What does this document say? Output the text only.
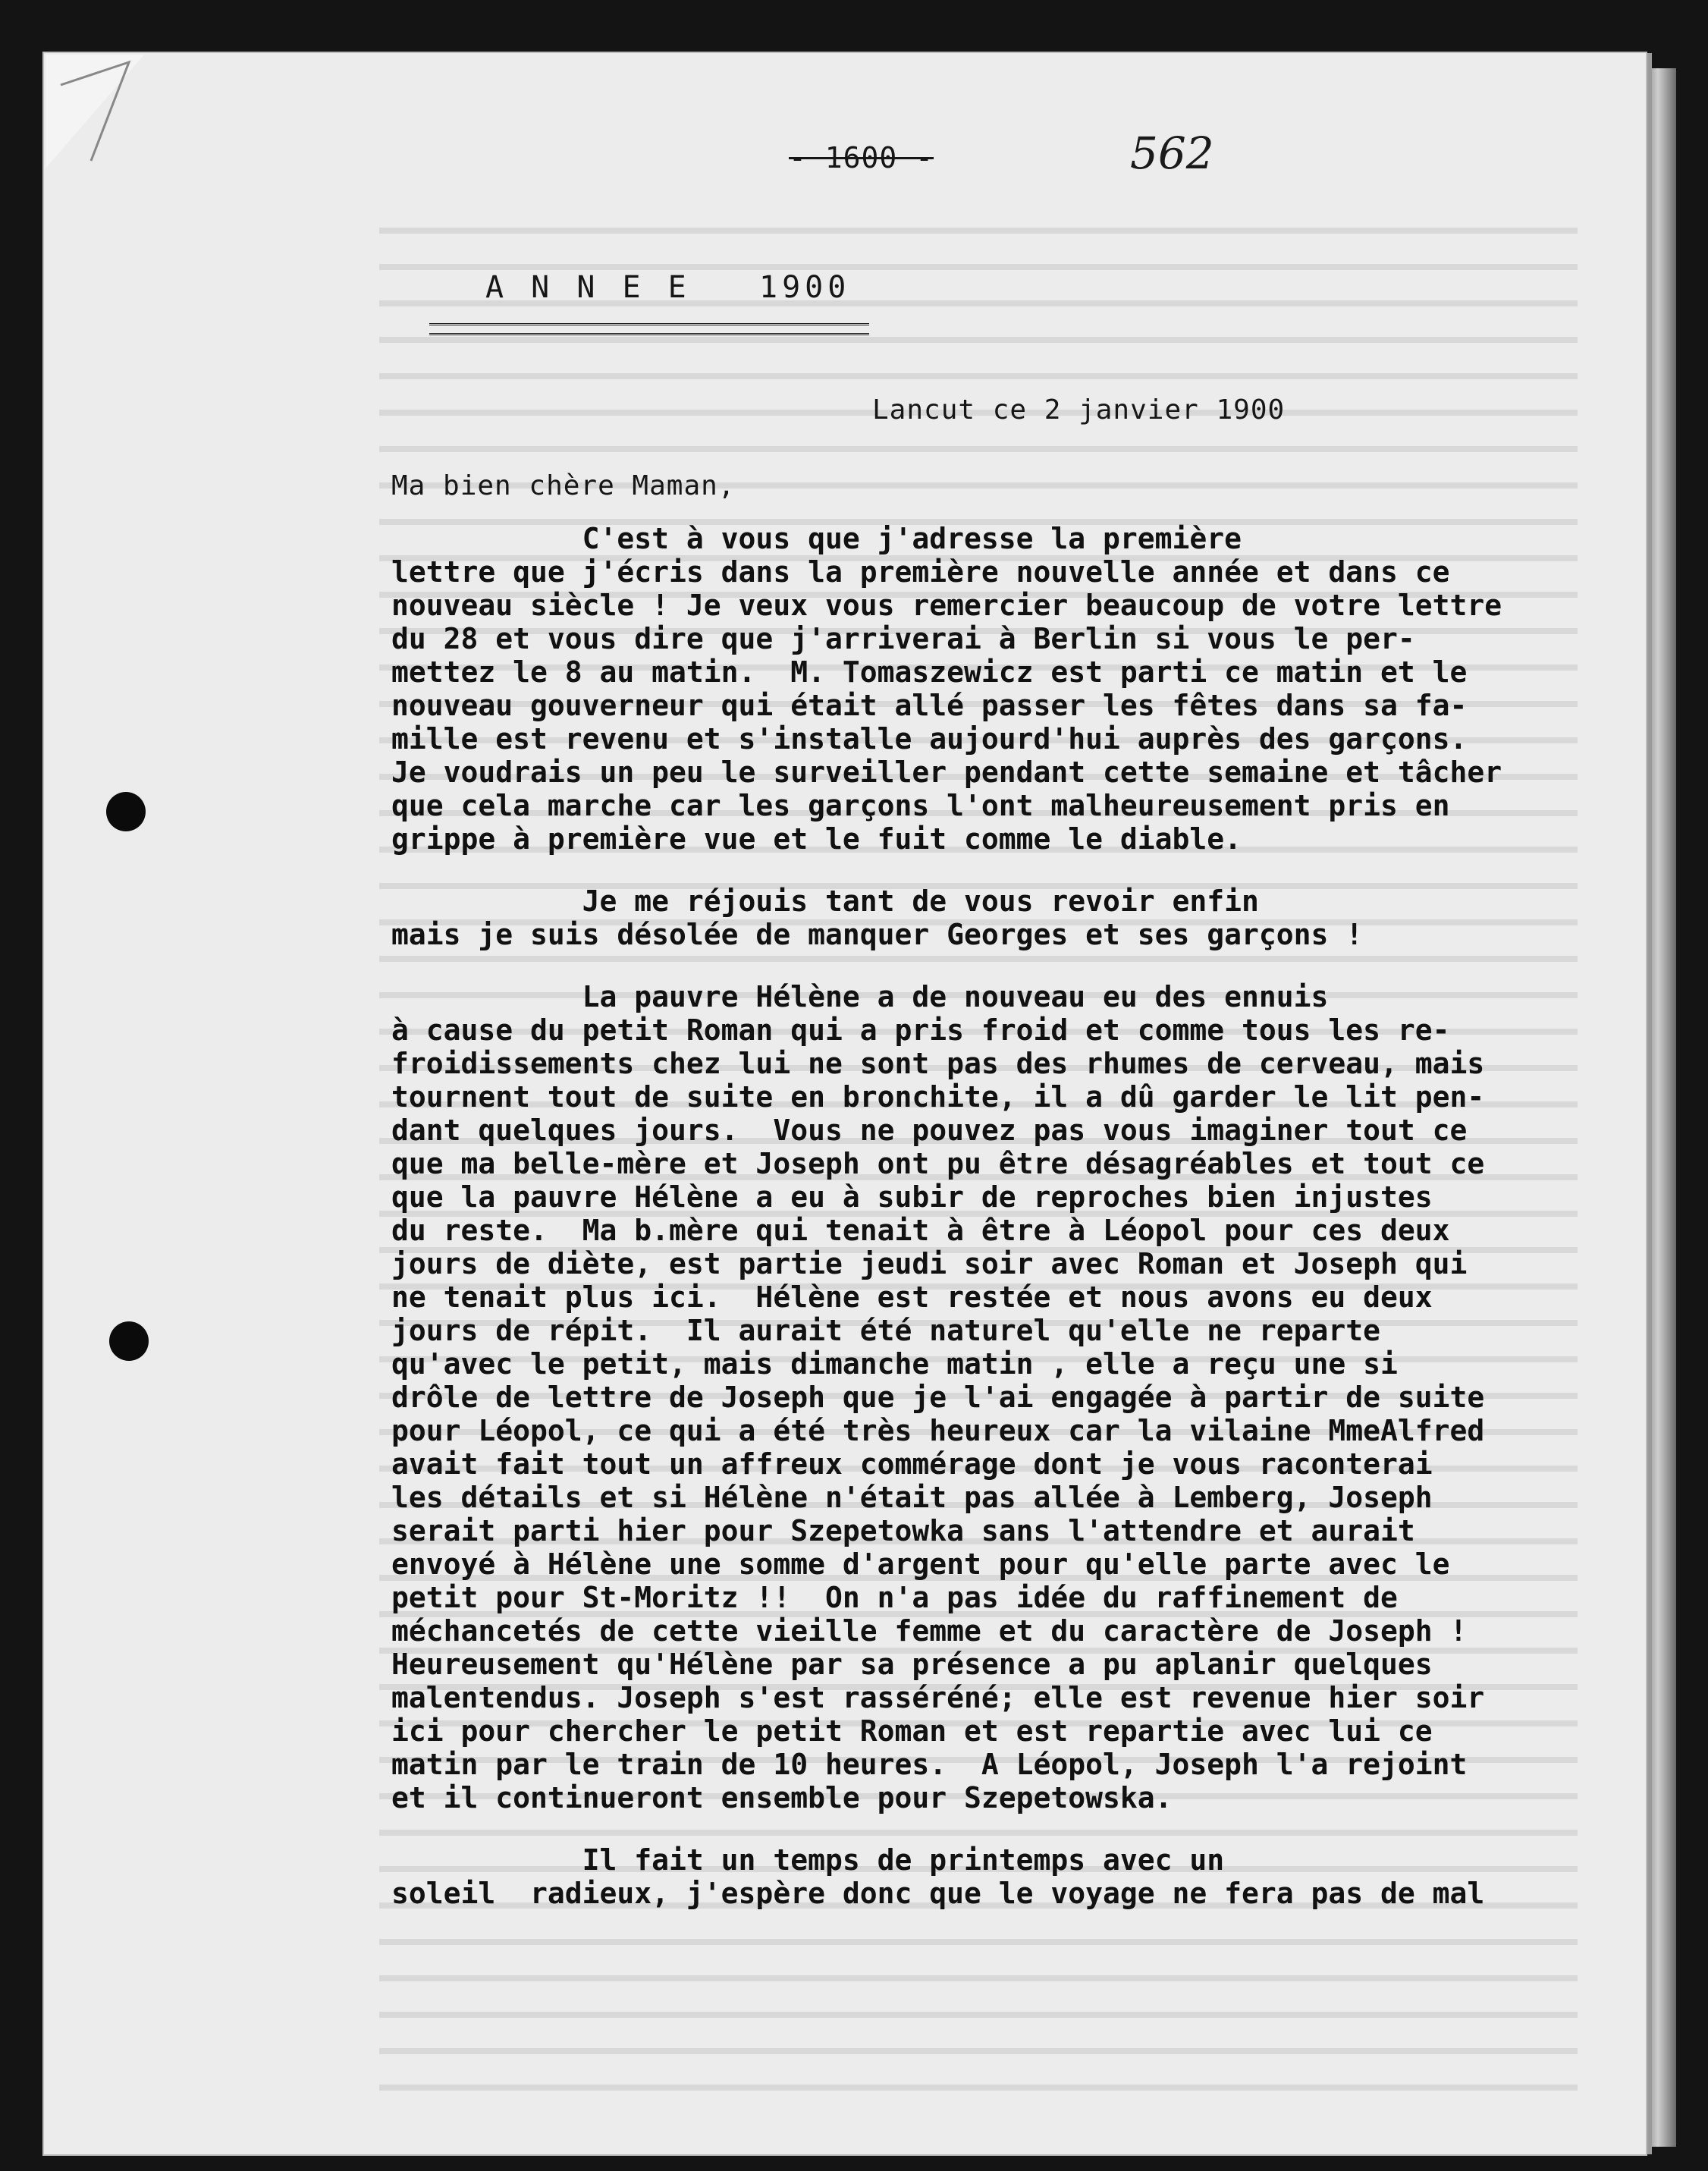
- 1600 -	562
A N N E E   1900
Lancut ce 2 janvier 1900
Ma bien chère Maman,

C'est à vous que j'adresse la première
lettre que j'écris dans la première nouvelle année et dans ce
nouveau siècle ! Je veux vous remercier beaucoup de votre lettre
du 28 et vous dire que j'arriverai à Berlin si vous le per-
mettez le 8 au matin.  M. Tomaszewicz est parti ce matin et le
nouveau gouverneur qui était allé passer les fêtes dans sa fa-
mille est revenu et s'installe aujourd'hui auprès des garçons.
Je voudrais un peu le surveiller pendant cette semaine et tâcher
que cela marche car les garçons l'ont malheureusement pris en
grippe à première vue et le fuit comme le diable.

Je me réjouis tant de vous revoir enfin
mais je suis désolée de manquer Georges et ses garçons !

La pauvre Hélène a de nouveau eu des ennuis
à cause du petit Roman qui a pris froid et comme tous les re-
froidissements chez lui ne sont pas des rhumes de cerveau, mais
tournent tout de suite en bronchite, il a dû garder le lit pen-
dant quelques jours.  Vous ne pouvez pas vous imaginer tout ce
que ma belle-mère et Joseph ont pu être désagréables et tout ce
que la pauvre Hélène a eu à subir de reproches bien injustes
du reste.  Ma b.mère qui tenait à être à Léopol pour ces deux
jours de diète, est partie jeudi soir avec Roman et Joseph qui
ne tenait plus ici.  Hélène est restée et nous avons eu deux
jours de répit.  Il aurait été naturel qu'elle ne reparte
qu'avec le petit, mais dimanche matin , elle a reçu une si
drôle de lettre de Joseph que je l'ai engagée à partir de suite
pour Léopol, ce qui a été très heureux car la vilaine MmeAlfred
avait fait tout un affreux commérage dont je vous raconterai
les détails et si Hélène n'était pas allée à Lemberg, Joseph
serait parti hier pour Szepetowka sans l'attendre et aurait
envoyé à Hélène une somme d'argent pour qu'elle parte avec le
petit pour St-Moritz !!  On n'a pas idée du raffinement de
méchancetés de cette vieille femme et du caractère de Joseph !
Heureusement qu'Hélène par sa présence a pu aplanir quelques
malentendus. Joseph s'est rasséréné; elle est revenue hier soir
ici pour chercher le petit Roman et est repartie avec lui ce
matin par le train de 10 heures.  A Léopol, Joseph l'a rejoint
et il continueront ensemble pour Szepetowska.

Il fait un temps de printemps avec un
soleil  radieux, j'espère donc que le voyage ne fera pas de mal
